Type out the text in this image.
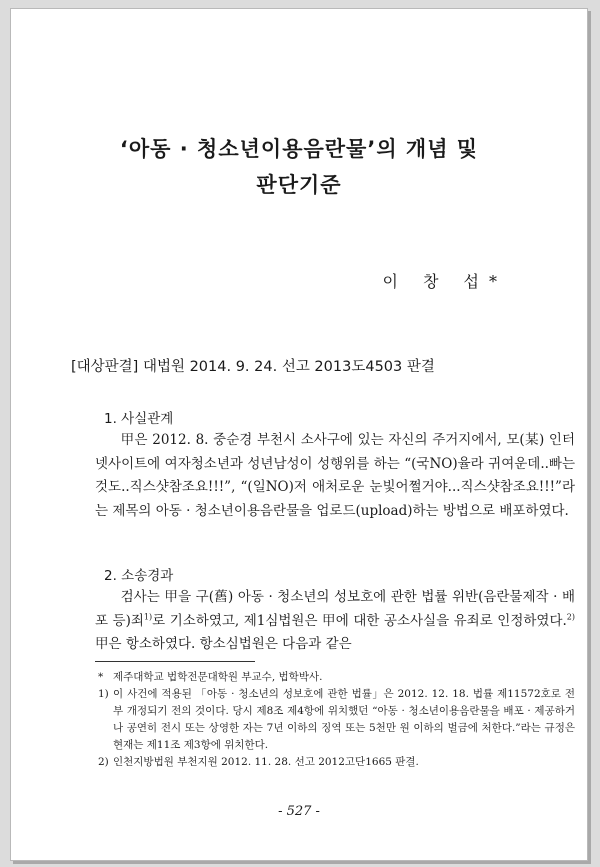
‘아동 · 청소년이용음란물’의 개념 및
판단기준
이 창 섭*
[대상판결] 대법원 2014. 9. 24. 선고 2013도4503 판결
1. 사실관계

甲은 2012. 8. 중순경 부천시 소사구에 있는 자신의 주거지에서, 모(某) 인터넷사이트에 여자청소년과 성년남성이 성행위를 하는 “(국NO)율라 귀여운데..빠는것도..직스샷참조요!!!”, “(일NO)저 애처로운 눈빛어쩔거야...직스샷참조요!!!”라는 제목의 아동 · 청소년이용음란물을 업로드(upload)하는 방법으로 배포하였다.

2. 소송경과

검사는 甲을 구(舊) 아동 · 청소년의 성보호에 관한 법률 위반(음란물제작 · 배포 등)죄$^{1)}$로 기소하였고, 제1심법원은 甲에 대한 공소사실을 유죄로 인정하였다.$^{2)}$ 甲은 항소하였다. 항소심법원은 다음과 같은

* 제주대학교 법학전문대학원 부교수, 법학박사.

1) 이 사건에 적용된 「아동 · 청소년의 성보호에 관한 법률」은 2012. 12. 18. 법률 제11572호로 전부 개정되기 전의 것이다. 당시 제8조 제4항에 위치했던 “아동 · 청소년이용음란물을 배포 · 제공하거나 공연히 전시 또는 상영한 자는 7년 이하의 징역 또는 5천만 원 이하의 벌금에 처한다.”라는 규정은 현재는 제11조 제3항에 위치한다.

2) 인천지방법원 부천지원 2012. 11. 28. 선고 2012고단1665 판결.

- 527 -
